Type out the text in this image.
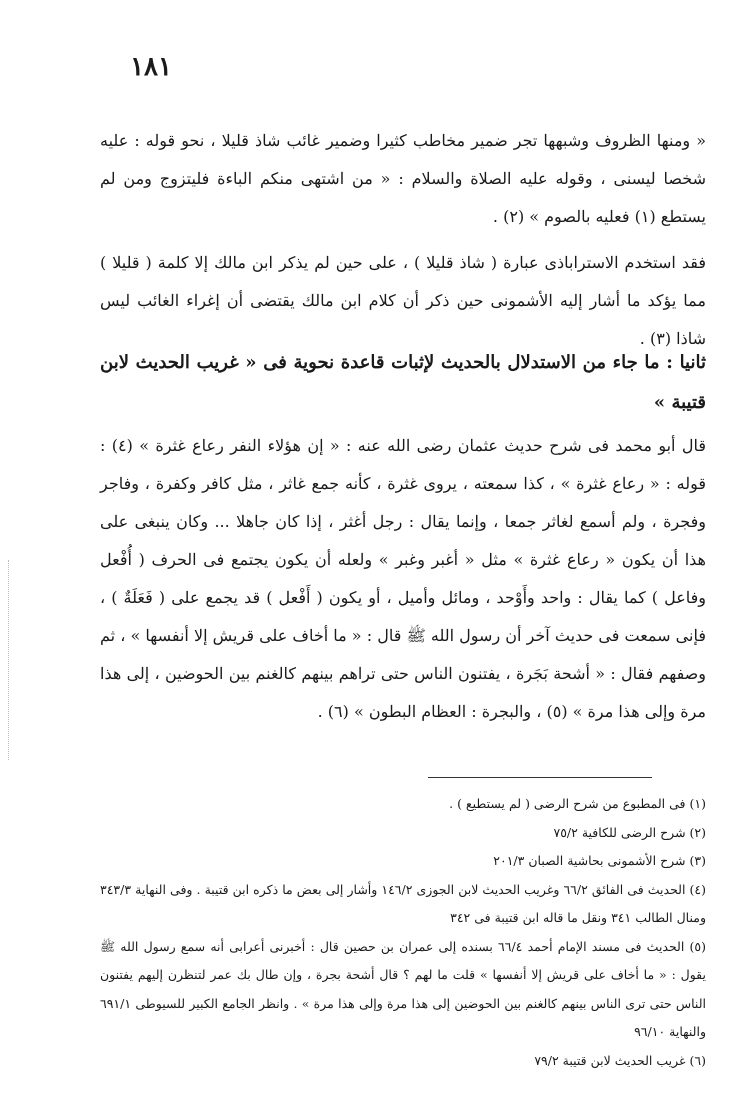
١٨١

« ومنها الظروف وشبهها تجر ضمير مخاطب كثيرا وضمير غائب شاذ قليلا ، نحو قوله : عليه شخصا ليسنى ، وقوله عليه الصلاة والسلام : « من اشتهى منكم الباءة فليتزوج ومن لم يستطع (١) فعليه بالصوم » (٢) .

فقد استخدم الاستراباذى عبارة ( شاذ قليلا ) ، على حين لم يذكر ابن مالك إلا كلمة ( قليلا ) مما يؤكد ما أشار إليه الأشمونى حين ذكر أن كلام ابن مالك يقتضى أن إغراء الغائب ليس شاذا (٣) .

ثانيا : ما جاء من الاستدلال بالحديث لإثبات قاعدة نحوية فى « غريب الحديث لابن قتيبة »

قال أبو محمد فى شرح حديث عثمان رضى الله عنه : « إن هؤلاء النفر رعاع غثرة » (٤) : قوله : « رعاع غثرة » ، كذا سمعته ، يروى غثرة ، كأنه جمع غاثر ، مثل كافر وكفرة ، وفاجر وفجرة ، ولم أسمع لغاثر جمعا ، وإنما يقال : رجل أغثر ، إذا كان جاهلا ... وكان ينبغى على هذا أن يكون « رعاع غثرة » مثل « أغبر وغبر » ولعله أن يكون يجتمع فى الحرف ( أُفْعل وفاعل ) كما يقال : واحد وأَوْحد ، ومائل وأميل ، أو يكون ( أَفْعل ) قد يجمع على ( فَعَلَةٌ ) ، فإنى سمعت فى حديث آخر أن رسول الله ﷺ قال : « ما أخاف على قريش إلا أنفسها » ، ثم وصفهم فقال : « أشحة بَجَرة ، يفتنون الناس حتى تراهم بينهم كالغنم بين الحوضين ، إلى هذا مرة وإلى هذا مرة » (٥) ، والبجرة : العظام البطون » (٦) .

(١) فى المطبوع من شرح الرضى ( لم يستطيع ) .

(٢) شرح الرضى للكافية ٧٥/٢

(٣) شرح الأشمونى بحاشية الصبان ٢٠١/٣

(٤) الحديث فى الفائق ٦٦/٢ وغريب الحديث لابن الجوزى ١٤٦/٢ وأشار إلى بعض ما ذكره ابن قتيبة . وفى النهاية ٣٤٣/٣ ومنال الطالب ٣٤١ ونقل ما قاله ابن قتيبة فى ٣٤٢

(٥) الحديث فى مسند الإمام أحمد ٦٦/٤ بسنده إلى عمران بن حصين قال : أخبرنى أعرابى أنه سمع رسول الله ﷺ يقول : « ما أخاف على قريش إلا أنفسها » قلت ما لهم ؟ قال أشحة بجرة ، وإن طال بك عمر لتنظرن إليهم يفتنون الناس حتى ترى الناس بينهم كالغنم بين الحوضين إلى هذا مرة وإلى هذا مرة » . وانظر الجامع الكبير للسيوطى ٦٩١/١ والنهاية ٩٦/١٠

(٦) غريب الحديث لابن قتيبة ٧٩/٢
